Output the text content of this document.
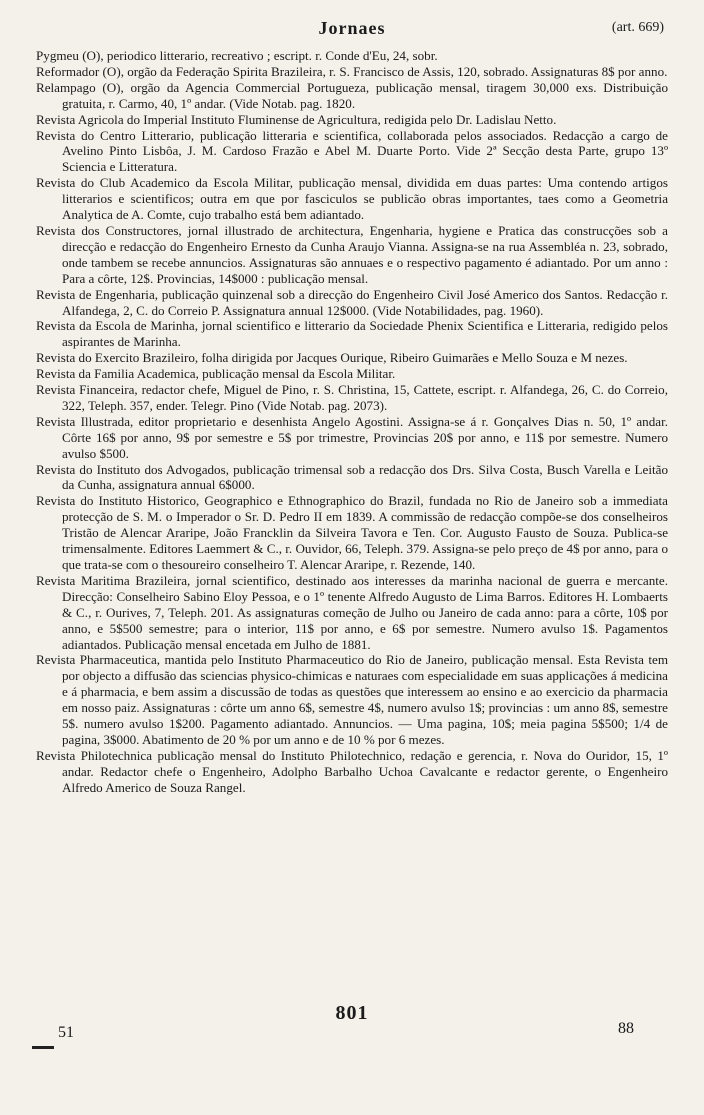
Jornaes	(art. 669)

Pygmeu (O), periodico litterario, recreativo ; escript. r. Conde d'Eu, 24, sobr.

Reformador (O), orgão da Federação Spirita Brazileira, r. S. Francisco de Assis, 120, sobrado. Assignaturas 8$ por anno.

Relampago (O), orgão da Agencia Commercial Portugueza, publicação mensal, tiragem 30,000 exs. Distribuição gratuita, r. Carmo, 40, 1º andar. (Vide Notab. pag. 1820.

Revista Agricola do Imperial Instituto Fluminense de Agricultura, redigida pelo Dr. Ladislau Netto.

Revista do Centro Litterario, publicação litteraria e scientifica, collaborada pelos associados. Redacção a cargo de Avelino Pinto Lisbôa, J. M. Cardoso Frazão e Abel M. Duarte Porto. Vide 2ª Secção desta Parte, grupo 13º Sciencia e Litteratura.

Revista do Club Academico da Escola Militar, publicação mensal, dividida em duas partes: Uma contendo artigos litterarios e scientificos; outra em que por fasciculos se publicão obras importantes, taes como a Geometria Analytica de A. Comte, cujo trabalho está bem adiantado.

Revista dos Constructores, jornal illustrado de architectura, Engenharia, hygiene e Pratica das construcções sob a direcção e redacção do Engenheiro Ernesto da Cunha Araujo Vianna. Assigna-se na rua Assembléa n. 23, sobrado, onde tambem se recebe annuncios. Assignaturas são annuaes e o respectivo pagamento é adiantado. Por um anno : Para a côrte, 12$. Provincias, 14$000 : publicação mensal.

Revista de Engenharia, publicação quinzenal sob a direcção do Engenheiro Civil José Americo dos Santos. Redacção r. Alfandega, 2, C. do Correio P. Assignatura annual 12$000. (Vide Notabilidades, pag. 1960).

Revista da Escola de Marinha, jornal scientifico e litterario da Sociedade Phenix Scientifica e Litteraria, redigido pelos aspirantes de Marinha.

Revista do Exercito Brazileiro, folha dirigida por Jacques Ourique, Ribeiro Guimarães e Mello Souza e M nezes.

Revista da Familia Academica, publicação mensal da Escola Militar.

Revista Financeira, redactor chefe, Miguel de Pino, r. S. Christina, 15, Cattete, escript. r. Alfandega, 26, C. do Correio, 322, Teleph. 357, ender. Telegr. Pino (Vide Notab. pag. 2073).

Revista Illustrada, editor proprietario e desenhista Angelo Agostini. Assigna-se á r. Gonçalves Dias n. 50, 1º andar. Côrte 16$ por anno, 9$ por semestre e 5$ por trimestre, Provincias 20$ por anno, e 11$ por semestre. Numero avulso $500.

Revista do Instituto dos Advogados, publicação trimensal sob a redacção dos Drs. Silva Costa, Busch Varella e Leitão da Cunha, assignatura annual 6$000.

Revista do Instituto Historico, Geographico e Ethnographico do Brazil, fundada no Rio de Janeiro sob a immediata protecção de S. M. o Imperador o Sr. D. Pedro II em 1839. A commissão de redacção compõe-se dos conselheiros Tristão de Alencar Araripe, João Francklin da Silveira Tavora e Ten. Cor. Augusto Fausto de Souza. Publica-se trimensalmente. Editores Laemmert & C., r. Ouvidor, 66, Teleph. 379. Assigna-se pelo preço de 4$ por anno, para o que trata-se com o thesoureiro conselheiro T. Alencar Araripe, r. Rezende, 140.

Revista Maritima Brazileira, jornal scientifico, destinado aos interesses da marinha nacional de guerra e mercante. Direcção: Conselheiro Sabino Eloy Pessoa, e o 1º tenente Alfredo Augusto de Lima Barros. Editores H. Lombaerts & C., r. Ourives, 7, Teleph. 201. As assignaturas começão de Julho ou Janeiro de cada anno: para a côrte, 10$ por anno, e 5$500 semestre; para o interior, 11$ por anno, e 6$ por semestre. Numero avulso 1$. Pagamentos adiantados. Publicação mensal encetada em Julho de 1881.

Revista Pharmaceutica, mantida pelo Instituto Pharmaceutico do Rio de Janeiro, publicação mensal. Esta Revista tem por objecto a diffusão das sciencias physico-chimicas e naturaes com especialidade em suas applicações á medicina e á pharmacia, e bem assim a discussão de todas as questões que interessem ao ensino e ao exercicio da pharmacia em nosso paiz. Assignaturas : côrte um anno 6$, semestre 4$, numero avulso 1$; provincias : um anno 8$, semestre 5$. numero avulso 1$200. Pagamento adiantado. Annuncios. — Uma pagina, 10$; meia pagina 5$500; 1/4 de pagina, 3$000. Abatimento de 20 % por um anno e de 10 % por 6 mezes.

Revista Philotechnica publicação mensal do Instituto Philotechnico, redação e gerencia, r. Nova do Ouridor, 15, 1º andar. Redactor chefe o Engenheiro, Adolpho Barbalho Uchoa Cavalcante e redactor gerente, o Engenheiro Alfredo Americo de Souza Rangel.

801
51	88
